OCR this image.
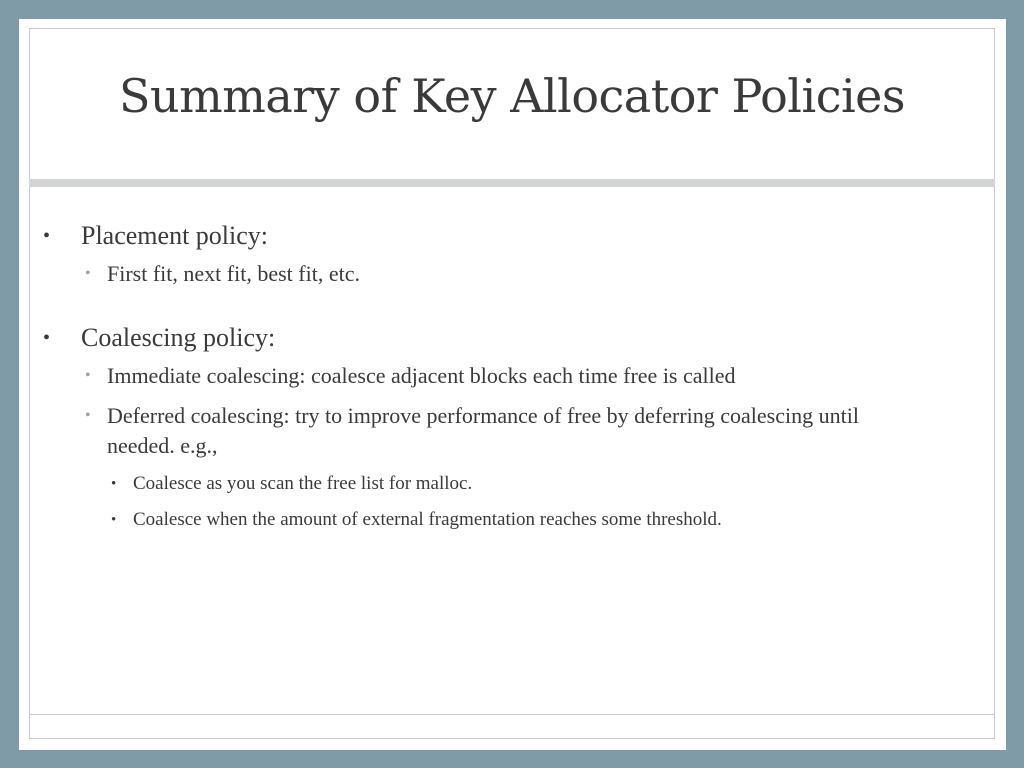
Summary of Key Allocator Policies
• Placement policy:
• First fit, next fit, best fit, etc.
• Coalescing policy:
• Immediate coalescing: coalesce adjacent blocks each time free is called
• Deferred coalescing: try to improve performance of free by deferring coalescing until needed. e.g.,
• Coalesce as you scan the free list for malloc.
• Coalesce when the amount of external fragmentation reaches some threshold.
